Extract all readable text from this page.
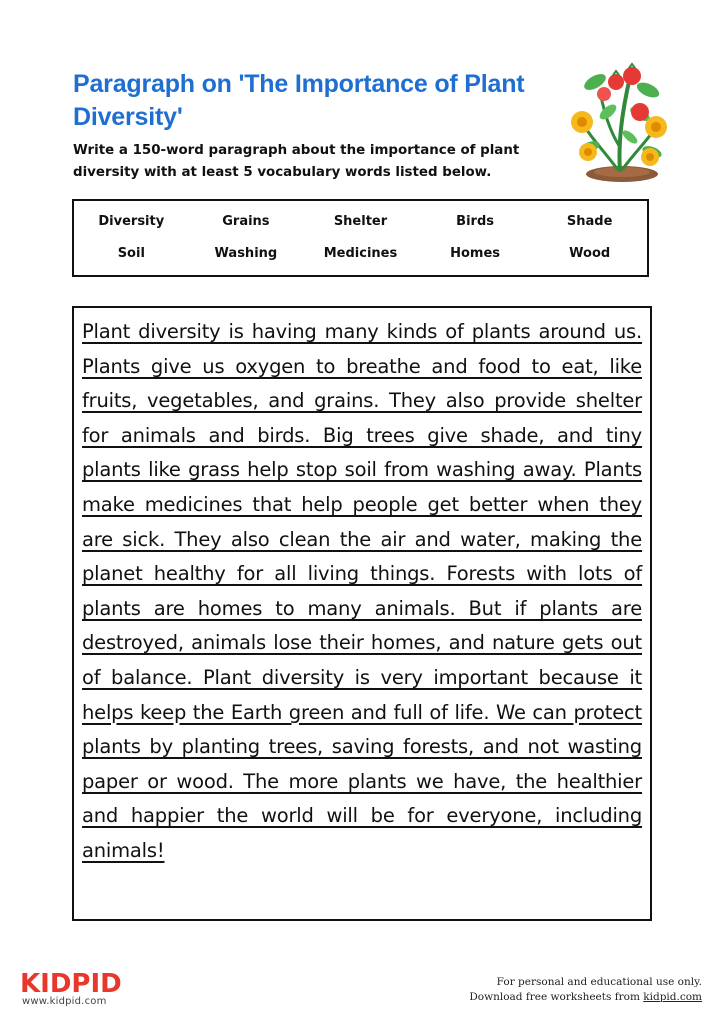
Paragraph on 'The Importance of Plant Diversity'
Write a 150-word paragraph about the importance of plant diversity with at least 5 vocabulary words listed below.
Diversity	Grains	Shelter	Birds	Shade
Soil	Washing	Medicines	Homes	Wood
Plant diversity is having many kinds of plants around us. Plants give us oxygen to breathe and food to eat, like fruits, vegetables, and grains. They also provide shelter for animals and birds. Big trees give shade, and tiny plants like grass help stop soil from washing away. Plants make medicines that help people get better when they are sick. They also clean the air and water, making the planet healthy for all living things. Forests with lots of plants are homes to many animals. But if plants are destroyed, animals lose their homes, and nature gets out of balance. Plant diversity is very important because it helps keep the Earth green and full of life. We can protect plants by planting trees, saving forests, and not wasting paper or wood. The more plants we have, the healthier and happier the world will be for everyone, including animals!
KIDPID
www.kidpid.com
For personal and educational use only.
Download free worksheets from kidpid.com
